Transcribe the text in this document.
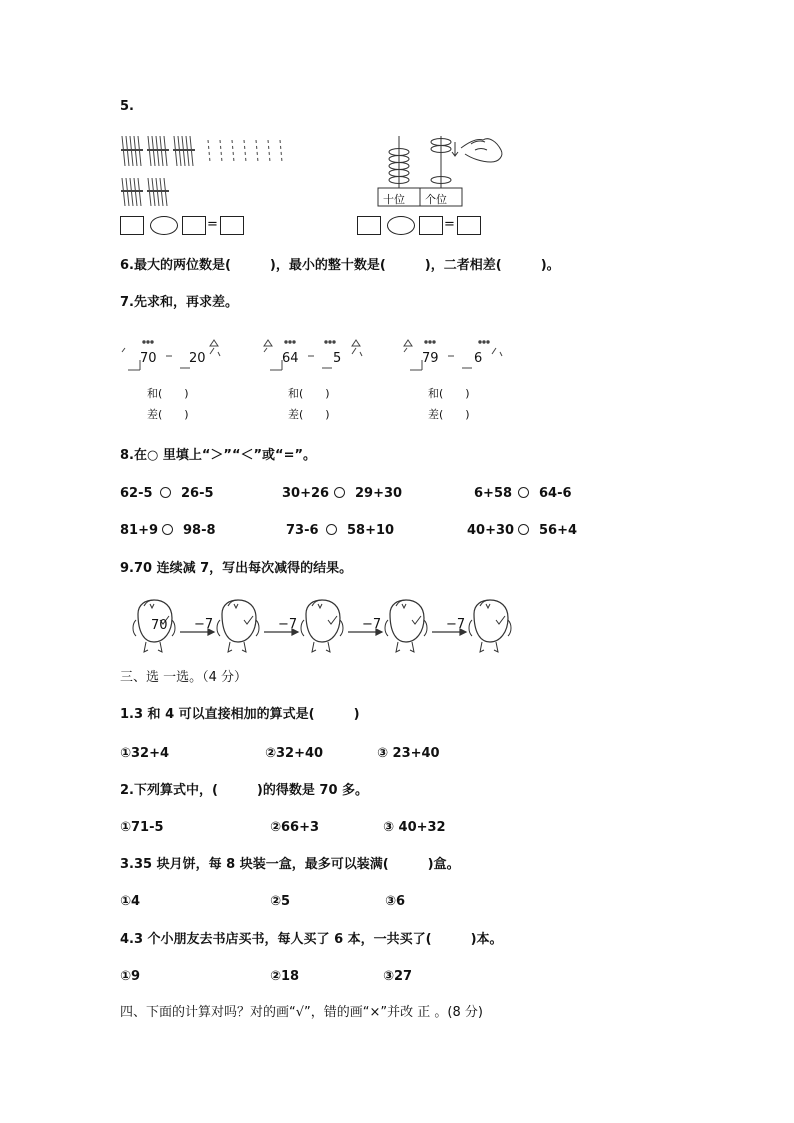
5.
=
十位 个位
=
6.最大的两位数是(　　　)，最小的整十数是(　　　)，二者相差(　　　)。
7.先求和，再求差。
70 20
和(　　)
差(　　)
64	5
和(　　)
差(　　)
79	6
和(　　)
差(　　)
8.在○ 里填上“＞”“＜”或“=”。
62-5 26-5	30+26 29+30	6+58 64-6
81+9 98-8	73-6 58+10	40+30 56+4
9.70 连续减 7，写出每次减得的结果。
70 −7	−7	−7	−7
三、选 一选。（4 分）
1.3 和 4 可以直接相加的算式是(　　　)
①32+4	②32+40	③ 23+40
2.下列算式中，(　　　)的得数是 70 多。
①71-5	②66+3	③ 40+32
3.35 块月饼，每 8 块装一盒，最多可以装满(　　　)盒。
①4	②5	③6
4.3 个小朋友去书店买书，每人买了 6 本，一共买了(　　　)本。
①9	②18	③27
四、下面的计算对吗？对的画“√”，错的画“×”并改 正 。(8 分)
